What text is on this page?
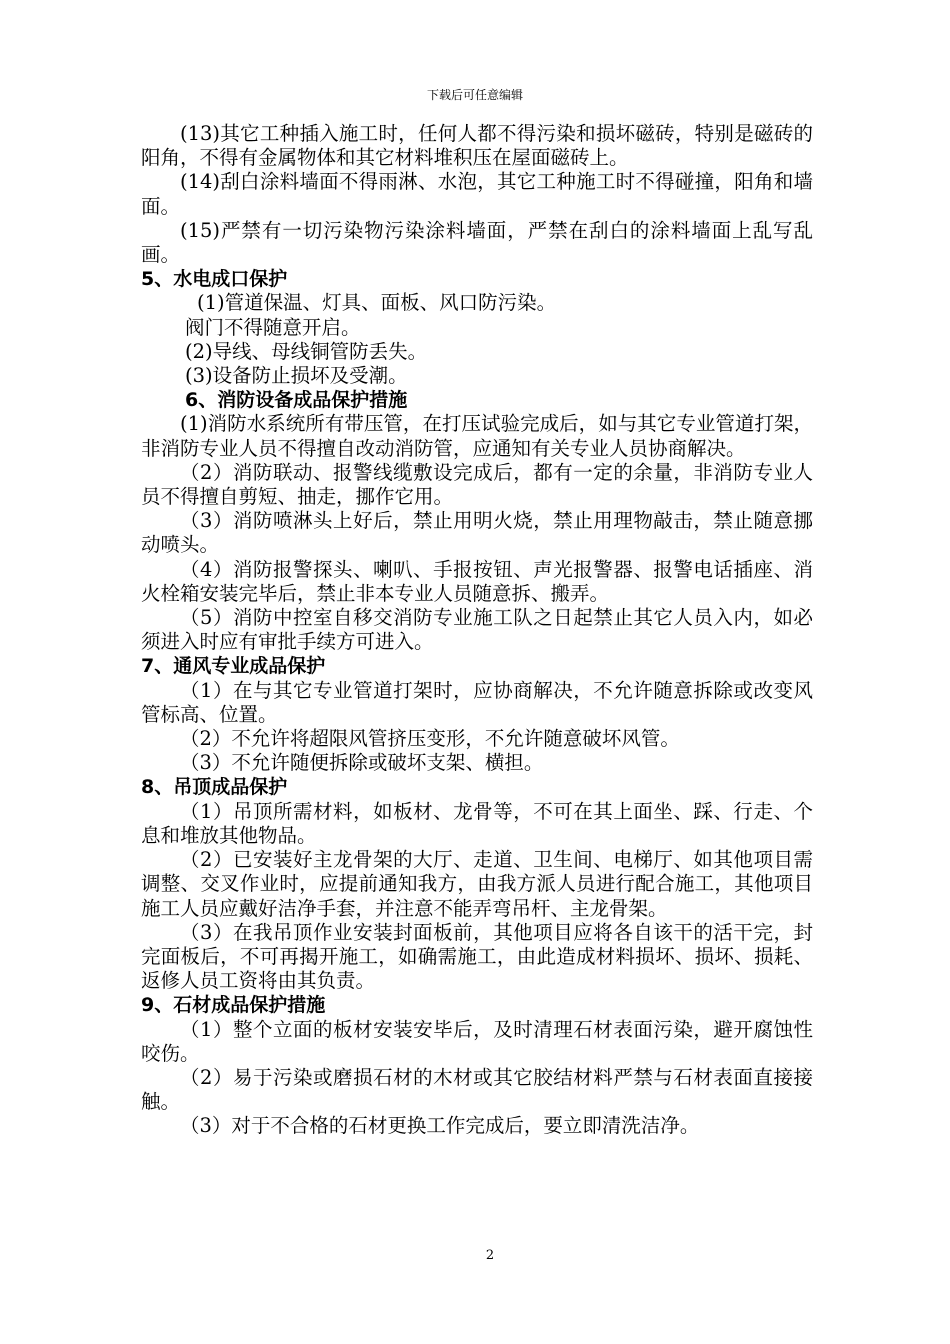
下载后可任意编辑

(13)其它工种插入施工时，任何人都不得污染和损坏磁砖，特别是磁砖的阳角，不得有金属物体和其它材料堆积压在屋面磁砖上。

(14)刮白涂料墙面不得雨淋、水泡，其它工种施工时不得碰撞，阳角和墙面。

(15)严禁有一切污染物污染涂料墙面，严禁在刮白的涂料墙面上乱写乱画。

5、水电成口保护

(1)管道保温、灯具、面板、风口防污染。

阀门不得随意开启。

(2)导线、母线铜管防丢失。

(3)设备防止损坏及受潮。

6、消防设备成品保护措施

(1)消防水系统所有带压管，在打压试验完成后，如与其它专业管道打架，非消防专业人员不得擅自改动消防管，应通知有关专业人员协商解决。

（2）消防联动、报警线缆敷设完成后，都有一定的余量，非消防专业人员不得擅自剪短、抽走，挪作它用。

（3）消防喷淋头上好后，禁止用明火烧，禁止用理物敲击，禁止随意挪动喷头。

（4）消防报警探头、喇叭、手报按钮、声光报警器、报警电话插座、消火栓箱安装完毕后，禁止非本专业人员随意拆、搬弄。

（5）消防中控室自移交消防专业施工队之日起禁止其它人员入内，如必须进入时应有审批手续方可进入。

7、通风专业成品保护

（1）在与其它专业管道打架时，应协商解决，不允许随意拆除或改变风管标高、位置。

（2）不允许将超限风管挤压变形，不允许随意破坏风管。

（3）不允许随便拆除或破坏支架、横担。

8、吊顶成品保护

（1）吊顶所需材料，如板材、龙骨等，不可在其上面坐、踩、行走、个息和堆放其他物品。

（2）已安装好主龙骨架的大厅、走道、卫生间、电梯厅、如其他项目需调整、交叉作业时，应提前通知我方，由我方派人员进行配合施工，其他项目施工人员应戴好洁净手套，并注意不能弄弯吊杆、主龙骨架。

（3）在我吊顶作业安装封面板前，其他项目应将各自该干的活干完，封完面板后，不可再揭开施工，如确需施工，由此造成材料损坏、损坏、损耗、返修人员工资将由其负责。

9、石材成品保护措施

（1）整个立面的板材安装安毕后，及时清理石材表面污染，避开腐蚀性咬伤。

（2）易于污染或磨损石材的木材或其它胶结材料严禁与石材表面直接接触。

（3）对于不合格的石材更换工作完成后，要立即清洗洁净。

2
